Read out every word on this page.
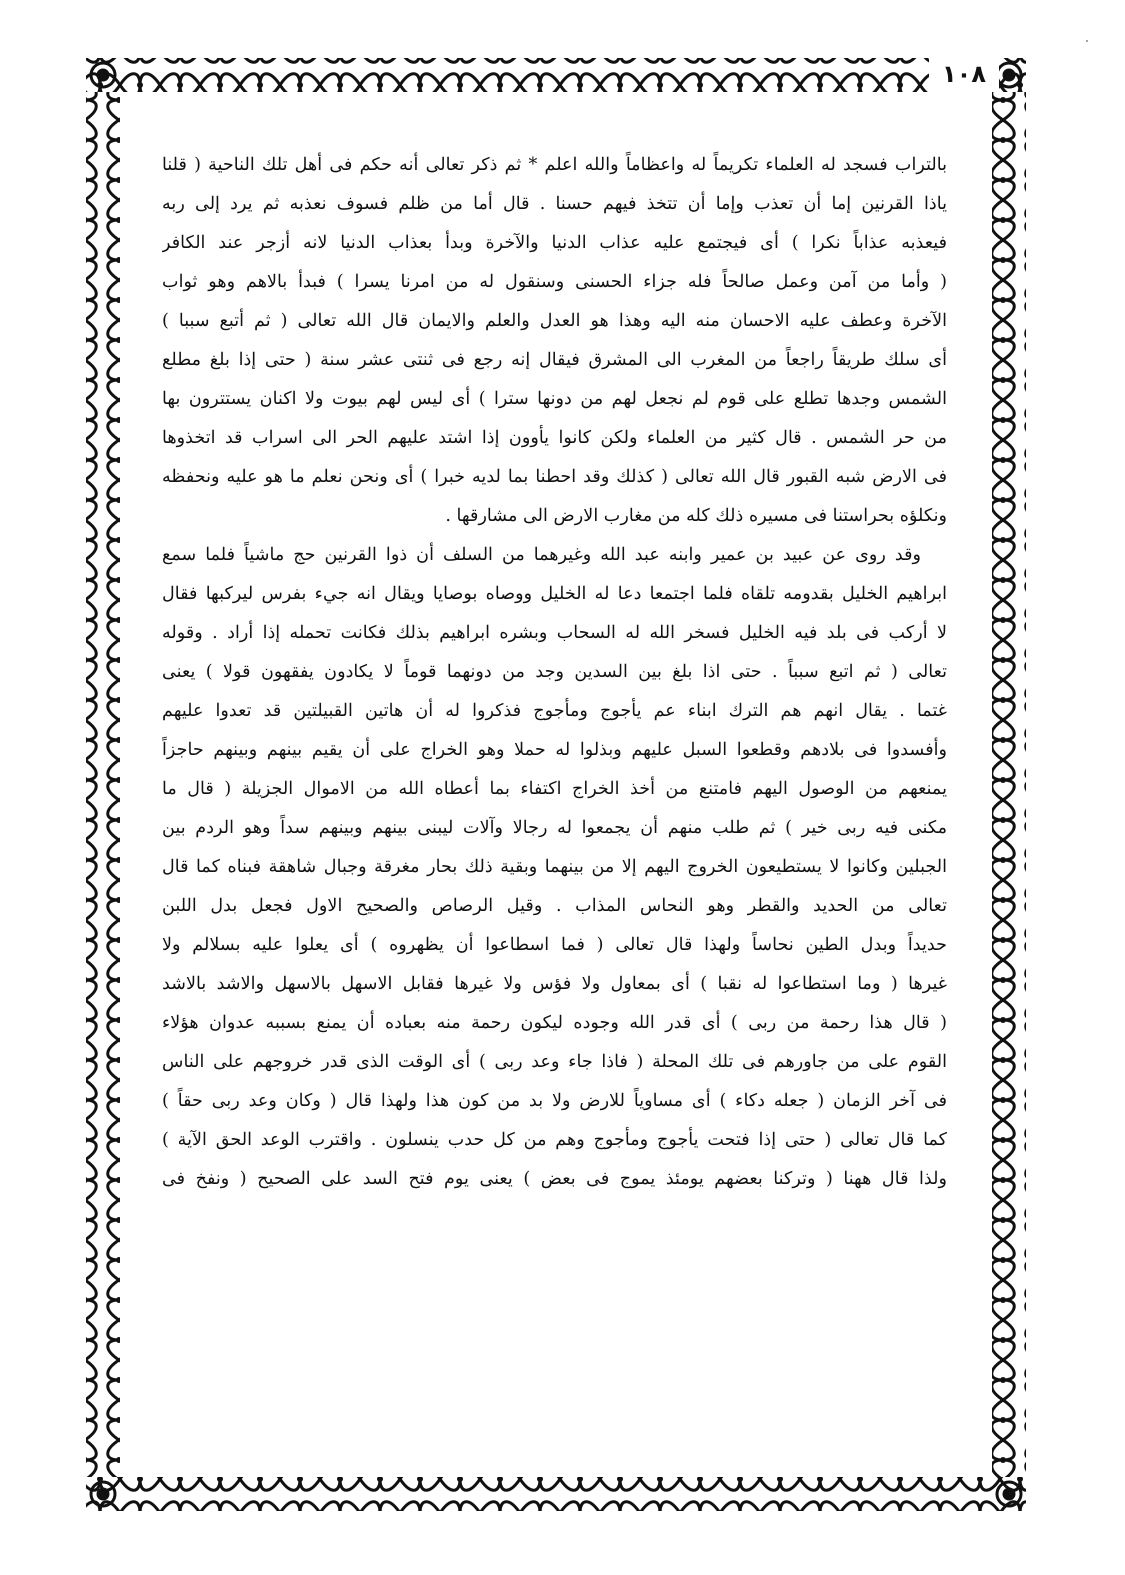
١٠٨
بالتراب فسجد له العلماء تكريماً له واعظاماً والله اعلم * ثم ذكر تعالى أنه حكم فى أهل تلك الناحية ( قلنا
ياذا القرنين إما أن تعذب وإما أن تتخذ فيهم حسنا . قال أما من ظلم فسوف نعذبه ثم يرد إلى ربه
فيعذبه عذاباً نكرا ) أى فيجتمع عليه عذاب الدنيا والآخرة وبدأ بعذاب الدنيا لانه أزجر عند الكافر
( وأما من آمن وعمل صالحاً فله جزاء الحسنى وسنقول له من امرنا يسرا ) فبدأ بالاهم وهو ثواب
الآخرة وعطف عليه الاحسان منه اليه وهذا هو العدل والعلم والايمان قال الله تعالى ( ثم أتبع سببا )
أى سلك طريقاً راجعاً من المغرب الى المشرق فيقال إنه رجع فى ثنتى عشر سنة ( حتى إذا بلغ مطلع
الشمس وجدها تطلع على قوم لم نجعل لهم من دونها سترا ) أى ليس لهم بيوت ولا اكنان يستترون بها
من حر الشمس . قال كثير من العلماء ولكن كانوا يأوون إذا اشتد عليهم الحر الى اسراب قد اتخذوها
فى الارض شبه القبور قال الله تعالى ( كذلك وقد احطنا بما لديه خبرا ) أى ونحن نعلم ما هو عليه ونحفظه
ونكلؤه بحراستنا فى مسيره ذلك كله من مغارب الارض الى مشارقها .
وقد روى عن عبيد بن عمير وابنه عبد الله وغيرهما من السلف أن ذوا القرنين حج ماشياً فلما سمع
ابراهيم الخليل بقدومه تلقاه فلما اجتمعا دعا له الخليل ووصاه بوصايا ويقال انه جيء بفرس ليركبها فقال
لا أركب فى بلد فيه الخليل فسخر الله له السحاب وبشره ابراهيم بذلك فكانت تحمله إذا أراد . وقوله
تعالى ( ثم اتبع سبباً . حتى اذا بلغ بين السدين وجد من دونهما قوماً لا يكادون يفقهون قولا ) يعنى
غتما . يقال انهم هم الترك ابناء عم يأجوج ومأجوج فذكروا له أن هاتين القبيلتين قد تعدوا عليهم
وأفسدوا فى بلادهم وقطعوا السبل عليهم وبذلوا له حملا وهو الخراج على أن يقيم بينهم وبينهم حاجزاً
يمنعهم من الوصول اليهم فامتنع من أخذ الخراج اكتفاء بما أعطاه الله من الاموال الجزيلة ( قال ما
مكنى فيه ربى خير ) ثم طلب منهم أن يجمعوا له رجالا وآلات ليبنى بينهم وبينهم سداً وهو الردم بين
الجبلين وكانوا لا يستطيعون الخروج اليهم إلا من بينهما وبقية ذلك بحار مغرقة وجبال شاهقة فبناه كما قال
تعالى من الحديد والقطر وهو النحاس المذاب . وقيل الرصاص والصحيح الاول فجعل بدل اللبن
حديداً وبدل الطين نحاساً ولهذا قال تعالى ( فما اسطاعوا أن يظهروه ) أى يعلوا عليه بسلالم ولا
غيرها ( وما استطاعوا له نقبا ) أى بمعاول ولا فؤس ولا غيرها فقابل الاسهل بالاسهل والاشد بالاشد
( قال هذا رحمة من ربى ) أى قدر الله وجوده ليكون رحمة منه بعباده أن يمنع بسببه عدوان هؤلاء
القوم على من جاورهم فى تلك المحلة ( فاذا جاء وعد ربى ) أى الوقت الذى قدر خروجهم على الناس
فى آخر الزمان ( جعله دكاء ) أى مساوياً للارض ولا بد من كون هذا ولهذا قال ( وكان وعد ربى حقاً )
كما قال تعالى ( حتى إذا فتحت يأجوج ومأجوج وهم من كل حدب ينسلون . واقترب الوعد الحق الآية )
ولذا قال ههنا ( وتركنا بعضهم يومئذ يموج فى بعض ) يعنى يوم فتح السد على الصحيح ( ونفخ فى
